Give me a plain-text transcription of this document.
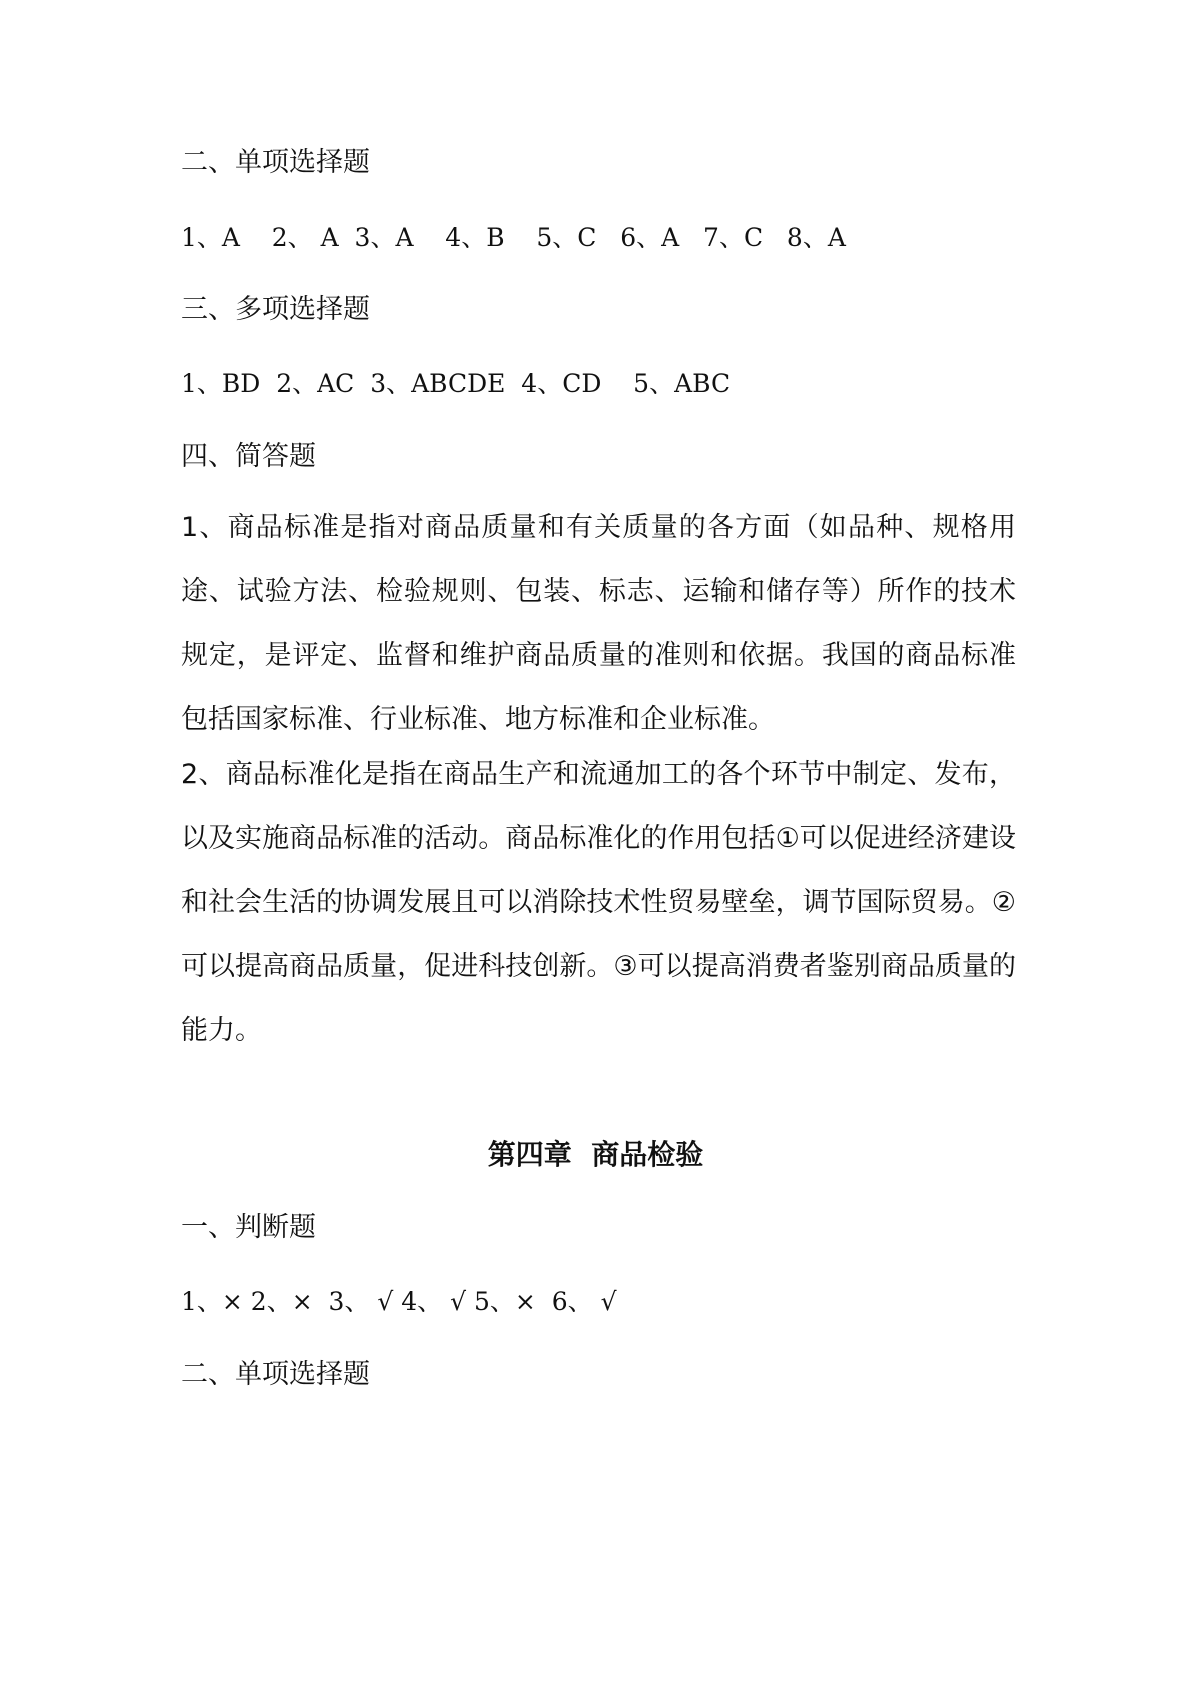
二、单项选择题
1、A    2、 A  3、A    4、B    5、C   6、A   7、C   8、A
三、多项选择题
1、BD  2、AC  3、ABCDE  4、CD    5、ABC
四、简答题

1、商品标准是指对商品质量和有关质量的各方面（如品种、规格用途、试验方法、检验规则、包装、标志、运输和储存等）所作的技术规定，是评定、监督和维护商品质量的准则和依据。我国的商品标准包括国家标准、行业标准、地方标准和企业标准。

2、商品标准化是指在商品生产和流通加工的各个环节中制定、发布，以及实施商品标准的活动。商品标准化的作用包括①可以促进经济建设和社会生活的协调发展且可以消除技术性贸易壁垒，调节国际贸易。②可以提高商品质量，促进科技创新。③可以提高消费者鉴别商品质量的能力。

第四章  商品检验
一、判断题
1、× 2、×  3、 √ 4、 √ 5、×  6、 √
二、单项选择题
